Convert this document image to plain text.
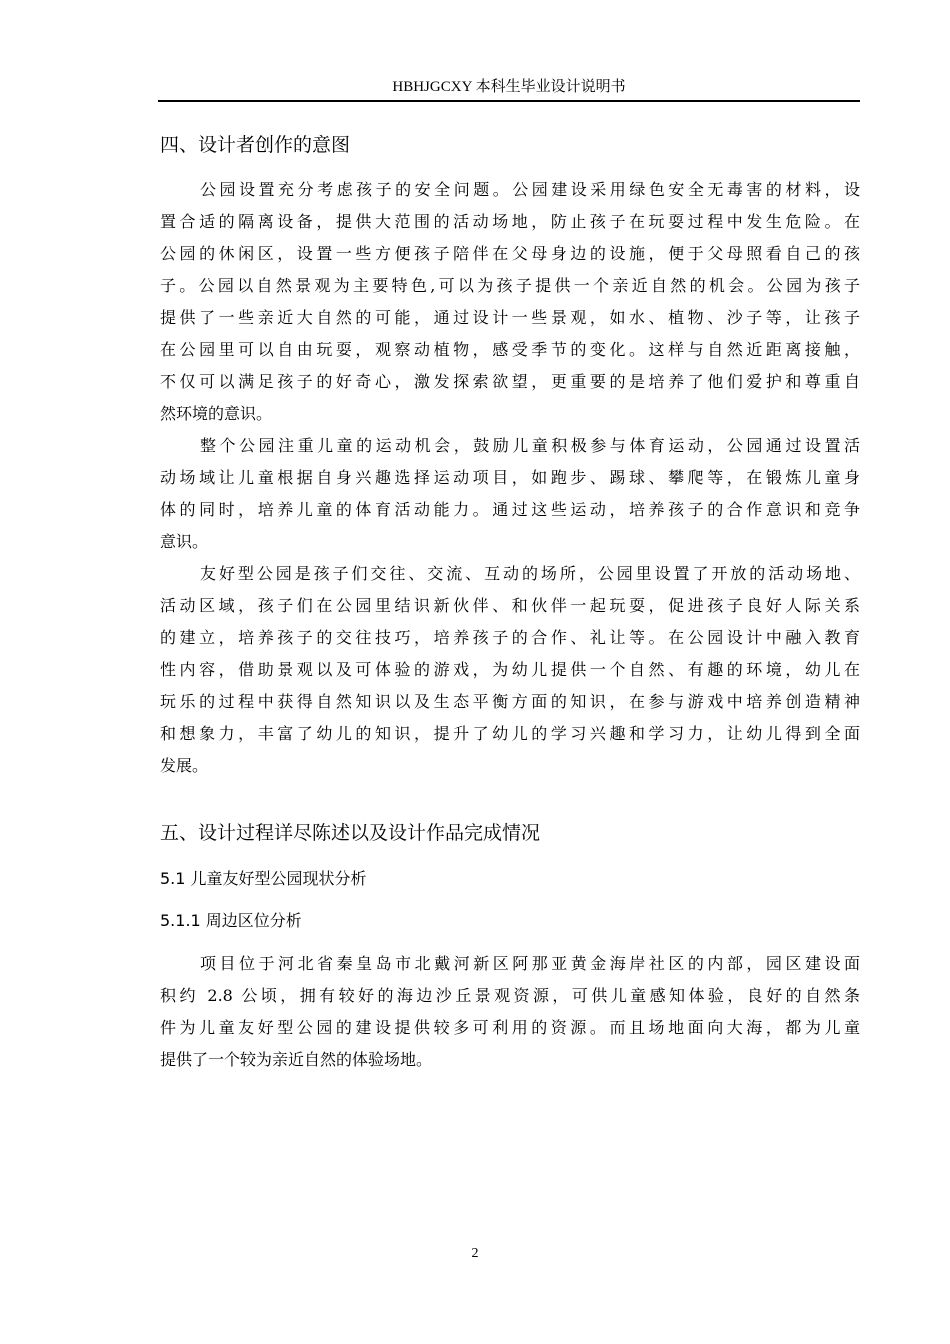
HBHJGCXY 本科生毕业设计说明书
四、设计者创作的意图
公园设置充分考虑孩子的安全问题。公园建设采用绿色安全无毒害的材料，设
置合适的隔离设备，提供大范围的活动场地，防止孩子在玩耍过程中发生危险。在
公园的休闲区，设置一些方便孩子陪伴在父母身边的设施，便于父母照看自己的孩
子。公园以自然景观为主要特色,可以为孩子提供一个亲近自然的机会。公园为孩子
提供了一些亲近大自然的可能，通过设计一些景观，如水、植物、沙子等，让孩子
在公园里可以自由玩耍，观察动植物，感受季节的变化。这样与自然近距离接触，
不仅可以满足孩子的好奇心，激发探索欲望，更重要的是培养了他们爱护和尊重自
然环境的意识。
整个公园注重儿童的运动机会，鼓励儿童积极参与体育运动，公园通过设置活
动场域让儿童根据自身兴趣选择运动项目，如跑步、踢球、攀爬等，在锻炼儿童身
体的同时，培养儿童的体育活动能力。通过这些运动，培养孩子的合作意识和竞争
意识。
友好型公园是孩子们交往、交流、互动的场所，公园里设置了开放的活动场地、
活动区域，孩子们在公园里结识新伙伴、和伙伴一起玩耍，促进孩子良好人际关系
的建立，培养孩子的交往技巧，培养孩子的合作、礼让等。在公园设计中融入教育
性内容，借助景观以及可体验的游戏，为幼儿提供一个自然、有趣的环境，幼儿在
玩乐的过程中获得自然知识以及生态平衡方面的知识，在参与游戏中培养创造精神
和想象力，丰富了幼儿的知识，提升了幼儿的学习兴趣和学习力，让幼儿得到全面
发展。
五、设计过程详尽陈述以及设计作品完成情况
5.1 儿童友好型公园现状分析
5.1.1 周边区位分析
项目位于河北省秦皇岛市北戴河新区阿那亚黄金海岸社区的内部，园区建设面
积约 2.8 公顷，拥有较好的海边沙丘景观资源，可供儿童感知体验，良好的自然条
件为儿童友好型公园的建设提供较多可利用的资源。而且场地面向大海，都为儿童
提供了一个较为亲近自然的体验场地。
2
